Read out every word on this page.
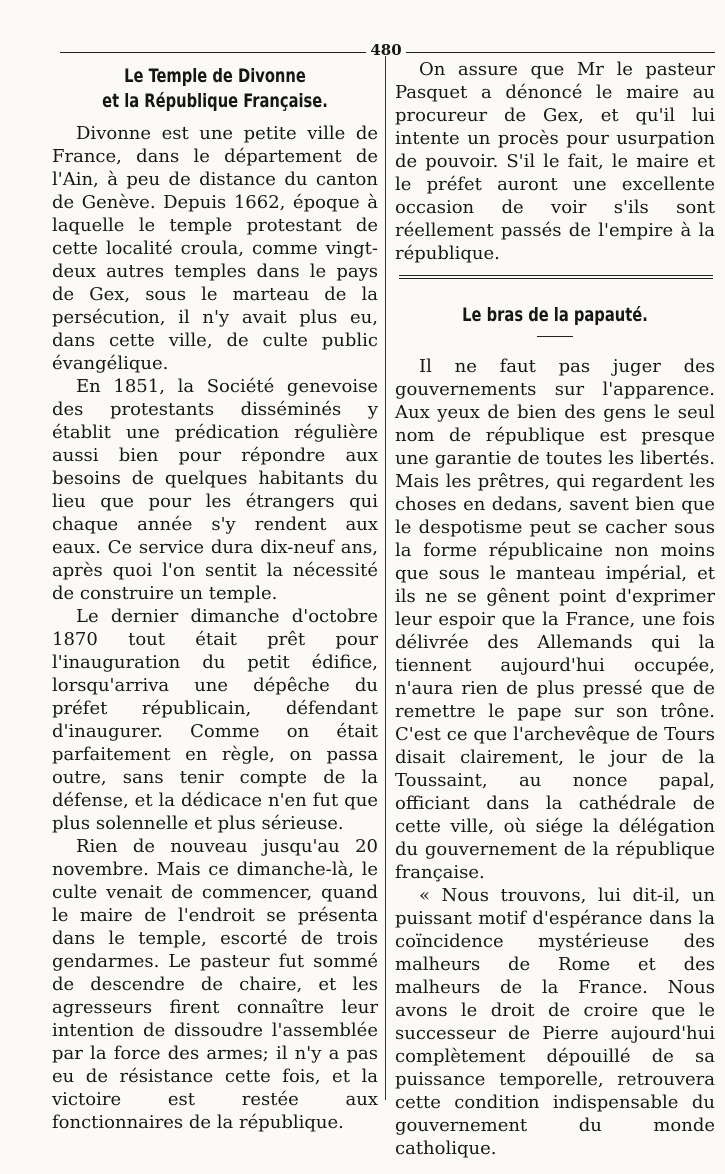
480
Le Temple de Divonne
et la République Française.

Divonne est une petite ville de France, dans le département de l'Ain, à peu de distance du canton de Genève. Depuis 1662, époque à laquelle le temple protestant de cette localité croula, comme vingt-deux autres temples dans le pays de Gex, sous le marteau de la persécution, il n'y avait plus eu, dans cette ville, de culte public évangélique.

En 1851, la Société genevoise des protestants disséminés y établit une prédication régulière aussi bien pour répondre aux besoins de quelques habitants du lieu que pour les étrangers qui chaque année s'y rendent aux eaux. Ce service dura dix-neuf ans, après quoi l'on sentit la nécessité de construire un temple.

Le dernier dimanche d'octobre 1870 tout était prêt pour l'inauguration du petit édifice, lorsqu'arriva une dépêche du préfet républicain, défendant d'inaugurer. Comme on était parfaitement en règle, on passa outre, sans tenir compte de la défense, et la dédicace n'en fut que plus solennelle et plus sérieuse.

Rien de nouveau jusqu'au 20 novembre. Mais ce dimanche-là, le culte venait de commencer, quand le maire de l'endroit se présenta dans le temple, escorté de trois gendarmes. Le pasteur fut sommé de descendre de chaire, et les agresseurs firent connaître leur intention de dissoudre l'assemblée par la force des armes; il n'y a pas eu de résistance cette fois, et la victoire est restée aux fonctionnaires de la république.

On assure que Mr le pasteur Pasquet a dénoncé le maire au procureur de Gex, et qu'il lui intente un procès pour usurpation de pouvoir. S'il le fait, le maire et le préfet auront une excellente occasion de voir s'ils sont réellement passés de l'empire à la république.

Le bras de la papauté.

Il ne faut pas juger des gouvernements sur l'apparence. Aux yeux de bien des gens le seul nom de république est presque une garantie de toutes les libertés. Mais les prêtres, qui regardent les choses en dedans, savent bien que le despotisme peut se cacher sous la forme républicaine non moins que sous le manteau impérial, et ils ne se gênent point d'exprimer leur espoir que la France, une fois délivrée des Allemands qui la tiennent aujourd'hui occupée, n'aura rien de plus pressé que de remettre le pape sur son trône. C'est ce que l'archevêque de Tours disait clairement, le jour de la Toussaint, au nonce papal, officiant dans la cathédrale de cette ville, où siége la délégation du gouvernement de la république française.

« Nous trouvons, lui dit-il, un puissant motif d'espérance dans la coïncidence mystérieuse des malheurs de Rome et des malheurs de la France. Nous avons le droit de croire que le successeur de Pierre aujourd'hui complètement dépouillé de sa puissance temporelle, retrouvera cette condition indispensable du gouvernement du monde catholique.
